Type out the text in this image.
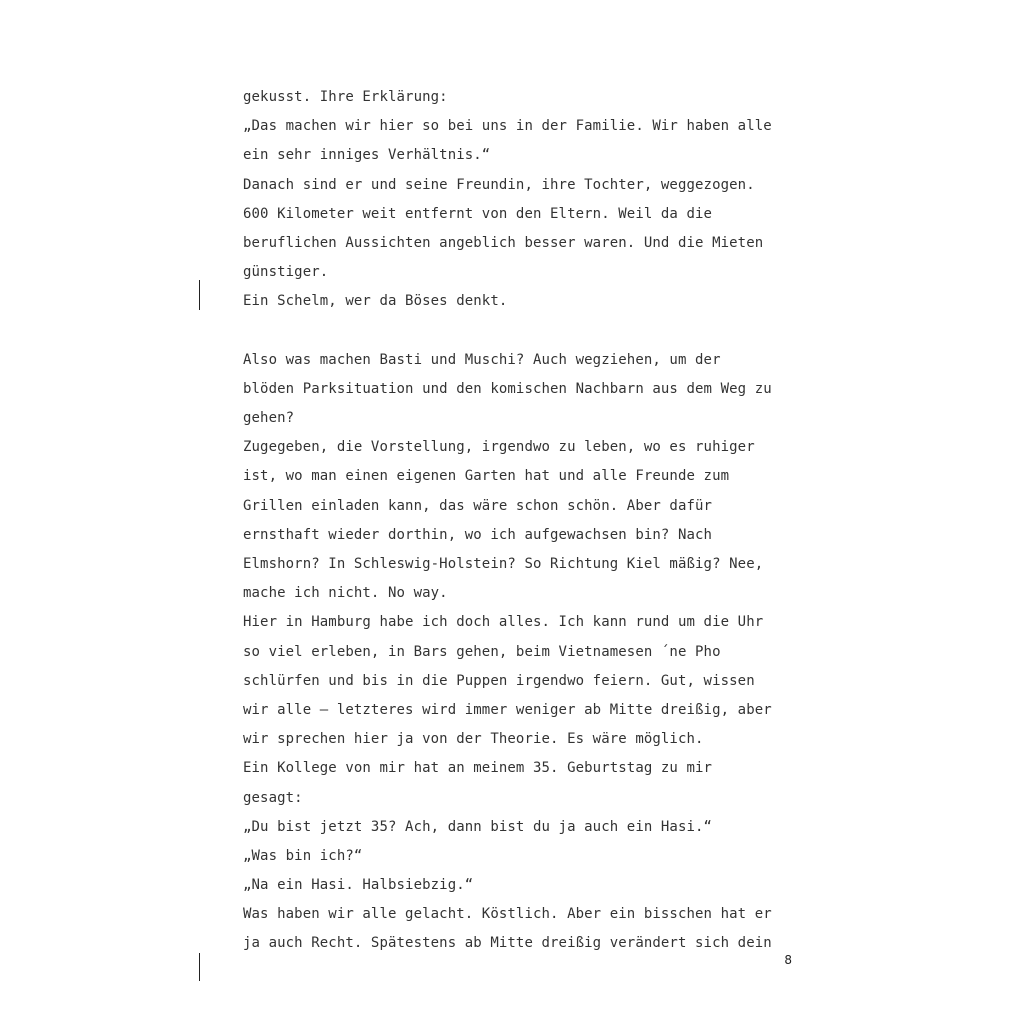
gekusst. Ihre Erklärung:
„Das machen wir hier so bei uns in der Familie. Wir haben alle
ein sehr inniges Verhältnis.“
Danach sind er und seine Freundin, ihre Tochter, weggezogen.
600 Kilometer weit entfernt von den Eltern. Weil da die
beruflichen Aussichten angeblich besser waren. Und die Mieten
günstiger.
Ein Schelm, wer da Böses denkt.
Also was machen Basti und Muschi? Auch wegziehen, um der
blöden Parksituation und den komischen Nachbarn aus dem Weg zu
gehen?
Zugegeben, die Vorstellung, irgendwo zu leben, wo es ruhiger
ist, wo man einen eigenen Garten hat und alle Freunde zum
Grillen einladen kann, das wäre schon schön. Aber dafür
ernsthaft wieder dorthin, wo ich aufgewachsen bin? Nach
Elmshorn? In Schleswig-Holstein? So Richtung Kiel mäßig? Nee,
mache ich nicht. No way.
Hier in Hamburg habe ich doch alles. Ich kann rund um die Uhr
so viel erleben, in Bars gehen, beim Vietnamesen ´ne Pho
schlürfen und bis in die Puppen irgendwo feiern. Gut, wissen
wir alle – letzteres wird immer weniger ab Mitte dreißig, aber
wir sprechen hier ja von der Theorie. Es wäre möglich.
Ein Kollege von mir hat an meinem 35. Geburtstag zu mir
gesagt:
„Du bist jetzt 35? Ach, dann bist du ja auch ein Hasi.“
„Was bin ich?“
„Na ein Hasi. Halbsiebzig.“
Was haben wir alle gelacht. Köstlich. Aber ein bisschen hat er
ja auch Recht. Spätestens ab Mitte dreißig verändert sich dein
8
